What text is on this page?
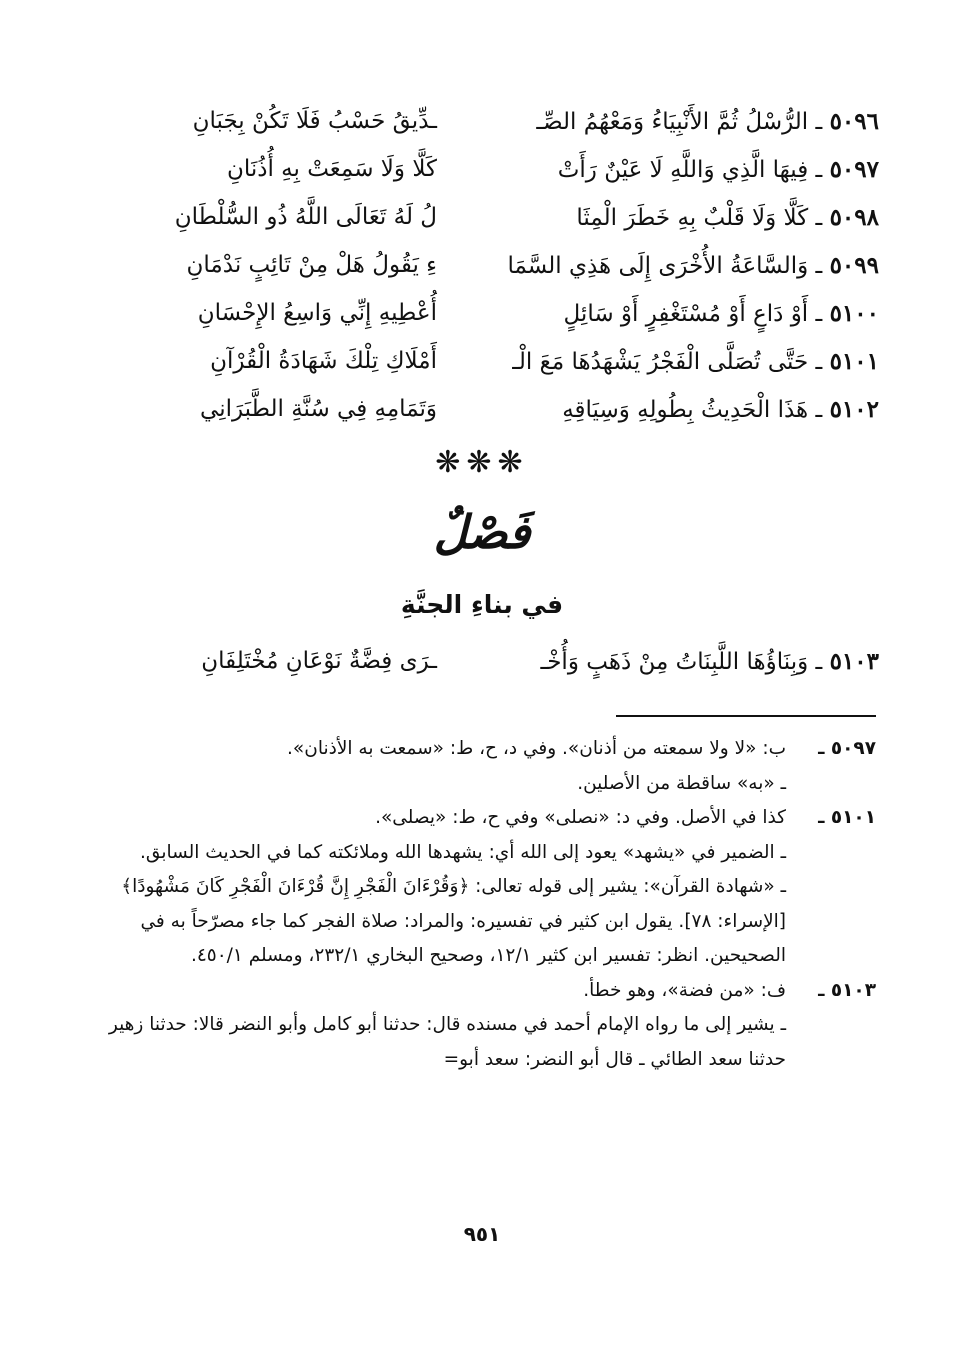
٥٠٩٦ ـ الرُّسْلُ ثُمَّ الأَنْبِيَاءُ وَمَعْهُمُ الصِّـ
ـدِّيقُ حَسْبُ فَلَا تَكُنْ بِجَبَانِ
٥٠٩٧ ـ فِيهَا الَّذِي وَاللَّهِ لَا عَيْنٌ رَأَتْ
كَلَّا وَلَا سَمِعَتْ بِهِ أُذُنَانِ
٥٠٩٨ ـ كَلَّا وَلَا قَلْبٌ بِهِ خَطَرَ الْمِثَا
لُ لَهُ تَعَالَى اللَّهُ ذُو السُّلْطَانِ
٥٠٩٩ ـ وَالسَّاعَةُ الأُخْرَى إِلَى هَذِي السَّمَا
ءِ يَقُولُ هَلْ مِنْ تَائِبٍ نَدْمَانِ
٥١٠٠ ـ أَوْ دَاعٍ أَوْ مُسْتَغْفِرٍ أَوْ سَائِلٍ
أُعْطِيهِ إِنِّي وَاسِعُ الإِحْسَانِ
٥١٠١ ـ حَتَّى تُصَلَّى الْفَجْرُ يَشْهَدُهَا مَعَ الْـ
أَمْلَاكِ تِلْكَ شَهَادَةُ الْقُرْآنِ
٥١٠٢ ـ هَذَا الْحَدِيثُ بِطُولِهِ وَسِيَاقِهِ
وَتَمَامِهِ فِي سُنَّةِ الطَّبَرَانِي
❋❋❋
فَصْلٌ
في بناءِ الجنَّةِ
٥١٠٣ ـ وَبِنَاؤُهَا اللَّبِنَاتُ مِنْ ذَهَبٍ وَأُخْـ
ـرَى فِضَّةٌ نَوْعَانِ مُخْتَلِفَانِ
٥٠٩٧ ـ
ب: «لا ولا سمعته من أذنان». وفي د، ح، ط: «سمعت به الأذنان».
ـ «به» ساقطة من الأصلين.
٥١٠١ ـ
كذا في الأصل. وفي د: «نصلى» وفي ح، ط: «يصلى».
ـ الضمير في «يشهد» يعود إلى الله أي: يشهدها الله وملائكته كما في الحديث السابق.
ـ «شهادة القرآن»: يشير إلى قوله تعالى: ﴿وَقُرْءَانَ الْفَجْرِ إِنَّ قُرْءَانَ الْفَجْرِ كَانَ مَشْهُودًا﴾ [الإسراء: ٧٨]. يقول ابن كثير في تفسيره: والمراد: صلاة الفجر كما جاء مصرّحاً به في الصحيحين. انظر: تفسير ابن كثير ١٢/١، وصحيح البخاري ٢٣٢/١، ومسلم ٤٥٠/١.
٥١٠٣ ـ
ف: «من فضة»، وهو خطأ.
ـ يشير إلى ما رواه الإمام أحمد في مسنده قال: حدثنا أبو كامل وأبو النضر قالا: حدثنا زهير حدثنا سعد الطائي ـ قال أبو النضر: سعد أبو=
٩٥١
